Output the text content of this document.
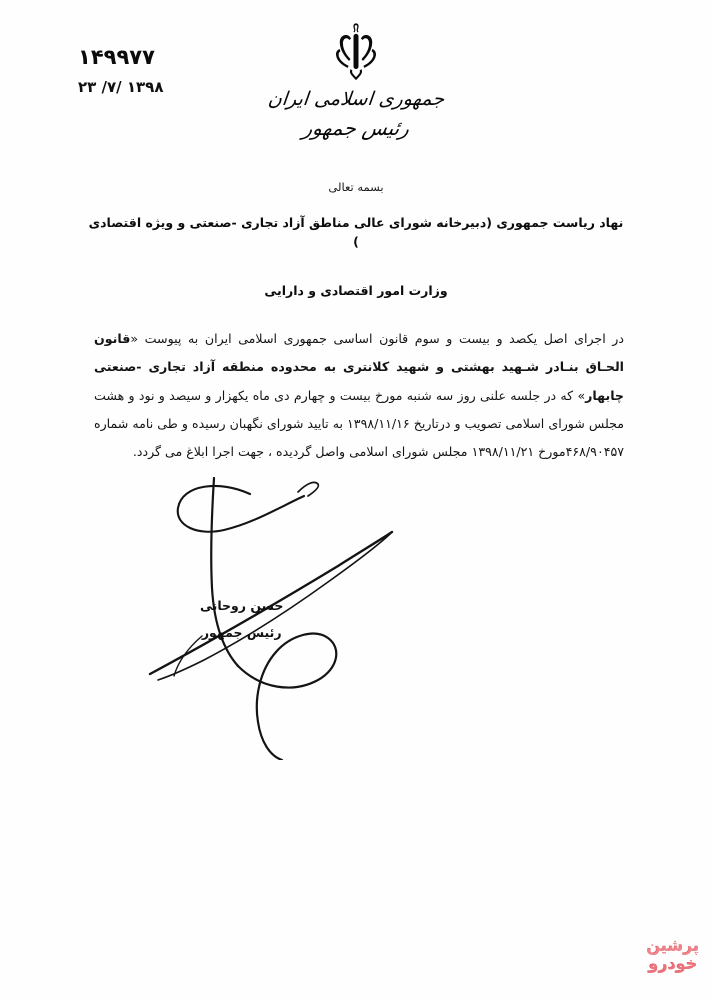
۱۴۹۹۷۷
۱۳۹۸ /۷/ ۲۳
جمهوری اسلامی ایران
رئیس جمهور
بسمه تعالی
نهاد ریاست جمهوری (دبیرخانه شورای عالی مناطق آزاد تجاری -صنعتی و ویژه اقتصادی )
وزارت امور اقتصادی و دارایی
در اجرای اصل یکصد و بیست و سوم قانون اساسی جمهوری اسلامی ایران به پیوست «قانون الحـاق بنـادر شـهید بهشتی و شهید کلانتری به محدوده منطقه آزاد تجاری -صنعتی چابهار» که در جلسه علنی روز سه شنبه مورخ بیست و چهارم دی ماه یکهزار و سیصد و نود و هشت مجلس شورای اسلامی تصویب و درتاریخ ۱۳۹۸/۱۱/۱۶ به تایید شورای نگهبان رسیده و طی نامه شماره ۴۶۸/۹۰۴۵۷مورخ ۱۳۹۸/۱۱/۲۱ مجلس شورای اسلامی واصل گردیده ، جهت اجرا ابلاغ می گردد.
حسن روحانی
رئیس جمهور
پرشین
خودرو
